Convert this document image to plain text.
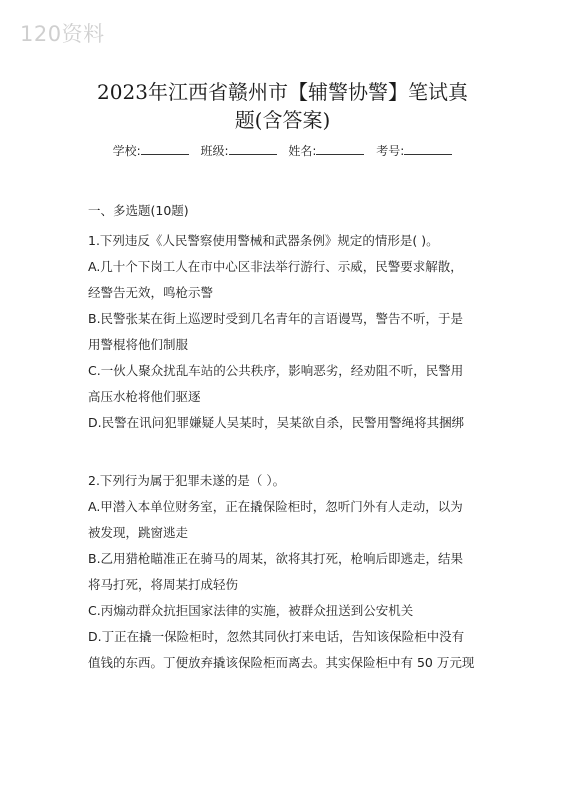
120资料
2023年江西省赣州市【辅警协警】笔试真
题(含答案)
学校:	班级:	姓名:	考号:

一、多选题(10题)

1.下列违反《人民警察使用警械和武器条例》规定的情形是( )。

A.几十个下岗工人在市中心区非法举行游行、示威，民警要求解散，

经警告无效，鸣枪示警

B.民警张某在街上巡逻时受到几名青年的言语谩骂，警告不听，于是

用警棍将他们制服

C.一伙人聚众扰乱车站的公共秩序，影响恶劣，经劝阻不听，民警用

高压水枪将他们驱逐

D.民警在讯问犯罪嫌疑人吴某时，吴某欲自杀，民警用警绳将其捆绑

2.下列行为属于犯罪未遂的是（ ）。

A.甲潜入本单位财务室，正在撬保险柜时，忽听门外有人走动，以为

被发现，跳窗逃走

B.乙用猎枪瞄准正在骑马的周某，欲将其打死，枪响后即逃走，结果

将马打死，将周某打成轻伤

C.丙煽动群众抗拒国家法律的实施，被群众扭送到公安机关

D.丁正在撬一保险柜时，忽然其同伙打来电话，告知该保险柜中没有

值钱的东西。丁便放弃撬该保险柜而离去。其实保险柜中有 50 万元现
